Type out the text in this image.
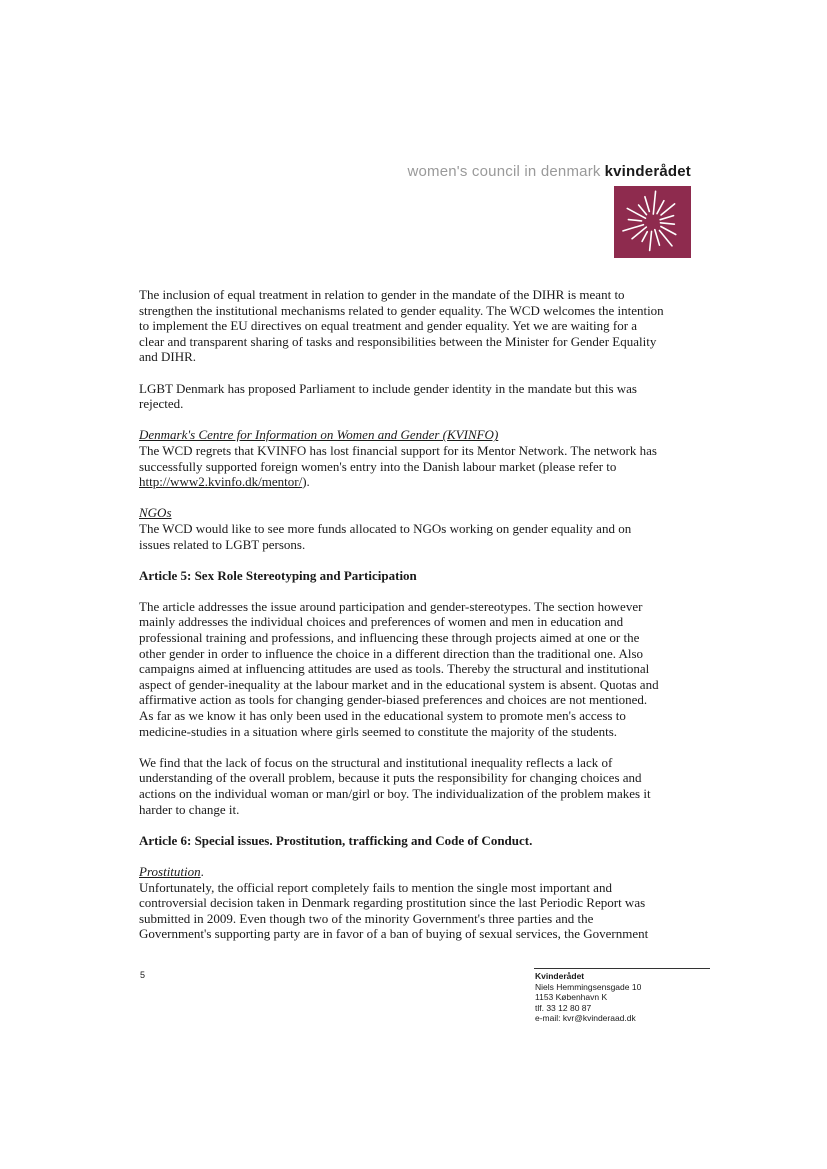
women's council in denmark kvinderådet

The inclusion of equal treatment in relation to gender in the mandate of the DIHR is meant to strengthen the institutional mechanisms related to gender equality. The WCD welcomes the intention to implement the EU directives on equal treatment and gender equality. Yet we are waiting for a clear and transparent sharing of tasks and responsibilities between the Minister for Gender Equality and DIHR.

LGBT Denmark has proposed Parliament to include gender identity in the mandate but this was rejected.

Denmark's Centre for Information on Women and Gender (KVINFO)

The WCD regrets that KVINFO has lost financial support for its Mentor Network. The network has successfully supported foreign women's entry into the Danish labour market (please refer to http://www2.kvinfo.dk/mentor/).

NGOs

The WCD would like to see more funds allocated to NGOs working on gender equality and on issues related to LGBT persons.

Article 5: Sex Role Stereotyping and Participation

The article addresses the issue around participation and gender-stereotypes. The section however mainly addresses the individual choices and preferences of women and men in education and professional training and professions, and influencing these through projects aimed at one or the other gender in order to influence the choice in a different direction than the traditional one. Also campaigns aimed at influencing attitudes are used as tools. Thereby the structural and institutional aspect of gender-inequality at the labour market and in the educational system is absent. Quotas and affirmative action as tools for changing gender-biased preferences and choices are not mentioned. As far as we know it has only been used in the educational system to promote men's access to medicine-studies in a situation where girls seemed to constitute the majority of the students.

We find that the lack of focus on the structural and institutional inequality reflects a lack of understanding of the overall problem, because it puts the responsibility for changing choices and actions on the individual woman or man/girl or boy. The individualization of the problem makes it harder to change it.

Article 6: Special issues. Prostitution, trafficking and Code of Conduct.

Prostitution.

Unfortunately, the official report completely fails to mention the single most important and controversial decision taken in Denmark regarding prostitution since the last Periodic Report was submitted in 2009. Even though two of the minority Government's three parties and the Government's supporting party are in favor of a ban of buying of sexual services, the Government

5	Kvinderådet
Niels Hemmingsensgade 10
1153 København K
tlf. 33 12 80 87
e-mail: kvr@kvinderaad.dk
